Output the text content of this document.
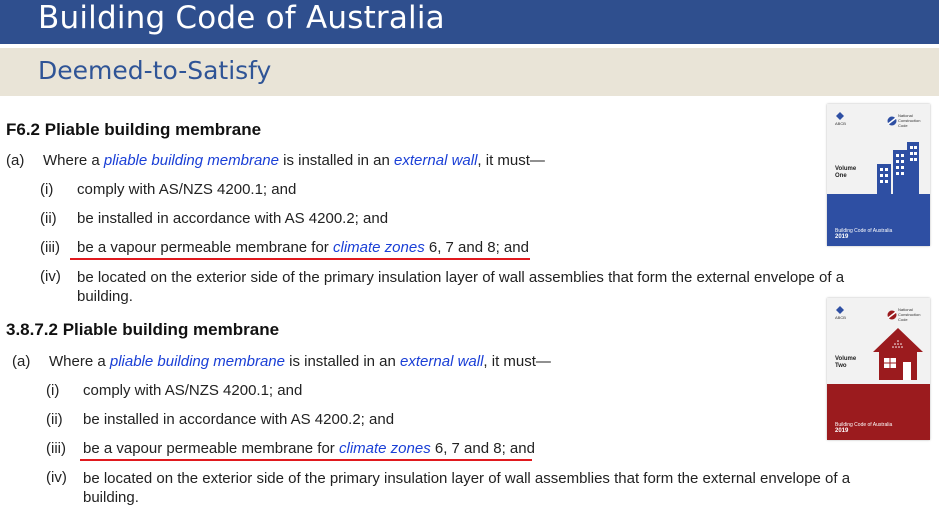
Building Code of Australia
Deemed-to-Satisfy
F6.2 Pliable building membrane
(a) Where a pliable building membrane is installed in an external wall, it must—
(i) comply with AS/NZS 4200.1; and
(ii) be installed in accordance with AS 4200.2; and
(iii) be a vapour permeable membrane for climate zones 6, 7 and 8; and
(iv) be located on the exterior side of the primary insulation layer of wall assemblies that form the external envelope of a building.
3.8.7.2 Pliable building membrane
(a) Where a pliable building membrane is installed in an external wall, it must—
(i) comply with AS/NZS 4200.1; and
(ii) be installed in accordance with AS 4200.2; and
(iii) be a vapour permeable membrane for climate zones 6, 7 and 8; and
(iv) be located on the exterior side of the primary insulation layer of wall assemblies that form the external envelope of a building.

ABCB
National Construction Code
Volume
One
Building Code of Australia
2019

ABCB
National Construction Code
Volume
Two
Building Code of Australia
2019
